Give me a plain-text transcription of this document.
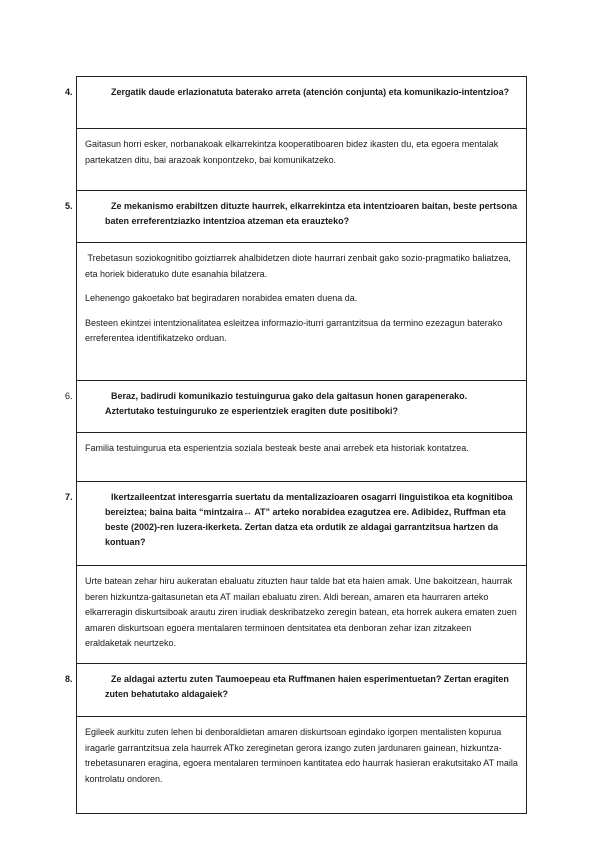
4.	Zergatik daude erlazionatuta baterako arreta (atención conjunta) eta komunikazio-intentzioa?

Gaitasun horri esker, norbanakoak elkarrekintza kooperatiboaren bidez ikasten du, eta egoera mentalak partekatzen ditu, bai arazoak konpontzeko, bai komunikatzeko.

5.	Ze mekanismo erabiltzen dituzte haurrek, elkarrekintza eta intentzioaren baitan, beste pertsona baten erreferentziazko intentzioa atzeman eta erauzteko?

Trebetasun soziokognitibo goiztiarrek ahalbidetzen diote haurrari zenbait gako sozio-pragmatiko baliatzea, eta horiek bideratuko dute esanahia bilatzera.

Lehenengo gakoetako bat begiradaren norabidea ematen duena da.

Besteen ekintzei intentzionalitatea esleitzea informazio-iturri garrantzitsua da termino ezezagun baterako erreferentea identifikatzeko orduan.

6.	Beraz, badirudi komunikazio testuingurua gako dela gaitasun honen garapenerako. Aztertutako testuinguruko ze esperientziek eragiten dute positiboki?

Familia testuingurua eta esperientzia soziala besteak beste anai arrebek eta historiak kontatzea.

7.	Ikertzaileentzat interesgarria suertatu da mentalizazioaren osagarri linguistikoa eta kognitiboa bereiztea; baina baita “mintzaira↔ AT” arteko norabidea ezagutzea ere. Adibidez, Ruffman eta beste (2002)-ren luzera-ikerketa. Zertan datza eta ordutik ze aldagai garrantzitsua hartzen da kontuan?

Urte batean zehar hiru aukeratan ebaluatu zituzten haur talde bat eta haien amak. Une bakoitzean, haurrak beren hizkuntza-gaitasunetan eta AT mailan ebaluatu ziren. Aldi berean, amaren eta haurraren arteko elkarreragin diskurtsiboak arautu ziren irudiak deskribatzeko zeregin batean, eta horrek aukera ematen zuen amaren diskurtsoan egoera mentalaren terminoen dentsitatea eta denboran zehar izan zitzakeen eraldaketak neurtzeko.

8.	Ze aldagai aztertu zuten Taumoepeau eta Ruffmanen haien esperimentuetan? Zertan eragiten zuten behatutako aldagaiek?

Egileek aurkitu zuten lehen bi denboraldietan amaren diskurtsoan egindako igorpen mentalisten kopurua iragarle garrantzitsua zela haurrek ATko zereginetan gerora izango zuten jardunaren gainean, hizkuntza-trebetasunaren eragina, egoera mentalaren terminoen kantitatea edo haurrak hasieran erakutsitako AT maila kontrolatu ondoren.
